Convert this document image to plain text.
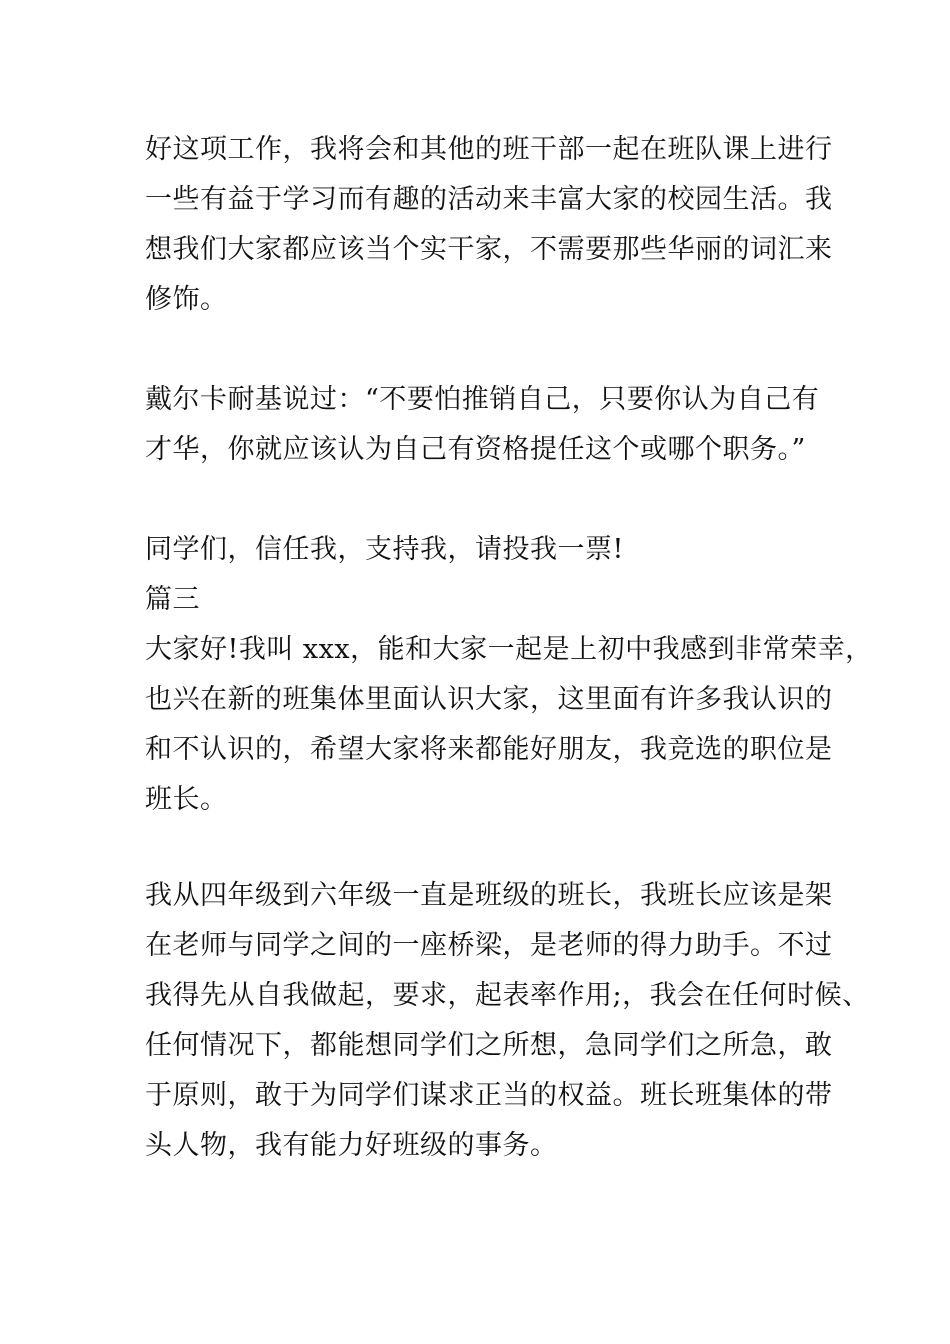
好这项工作，我将会和其他的班干部一起在班队课上进行
一些有益于学习而有趣的活动来丰富大家的校园生活。我
想我们大家都应该当个实干家，不需要那些华丽的词汇来
修饰。
戴尔卡耐基说过：“不要怕推销自己，只要你认为自己有
才华，你就应该认为自己有资格提任这个或哪个职务。”
同学们，信任我，支持我，请投我一票!
篇三
大家好!我叫 xxx，能和大家一起是上初中我感到非常荣幸，
也兴在新的班集体里面认识大家，这里面有许多我认识的
和不认识的，希望大家将来都能好朋友，我竞选的职位是
班长。
我从四年级到六年级一直是班级的班长，我班长应该是架
在老师与同学之间的一座桥梁，是老师的得力助手。不过
我得先从自我做起，要求，起表率作用;，我会在任何时候、
任何情况下，都能想同学们之所想，急同学们之所急，敢
于原则，敢于为同学们谋求正当的权益。班长班集体的带
头人物，我有能力好班级的事务。
